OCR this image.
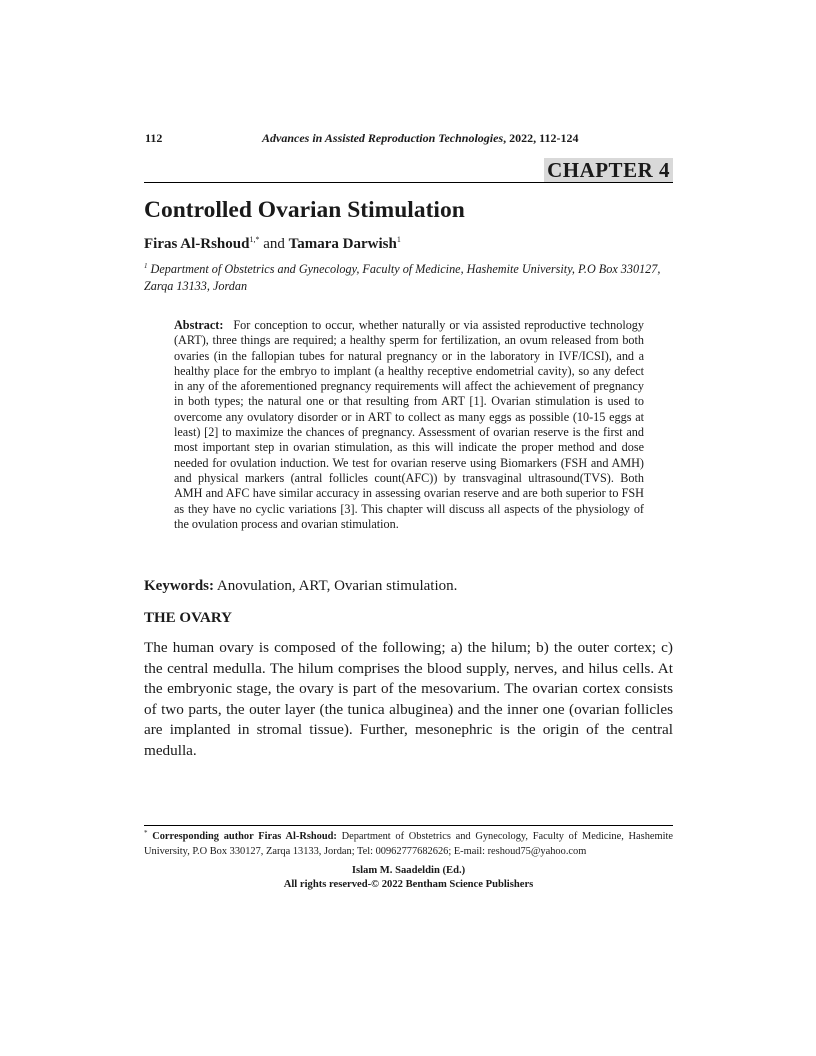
112	Advances in Assisted Reproduction Technologies, 2022, 112-124
CHAPTER 4
Controlled Ovarian Stimulation
Firas Al-Rshoud$^{1,*}$ and Tamara Darwish$^1$
$^1$ Department of Obstetrics and Gynecology, Faculty of Medicine, Hashemite University, P.O Box 330127, Zarqa 13133, Jordan

Abstract: For conception to occur, whether naturally or via assisted reproductive technology (ART), three things are required; a healthy sperm for fertilization, an ovum released from both ovaries (in the fallopian tubes for natural pregnancy or in the laboratory in IVF/ICSI), and a healthy place for the embryo to implant (a healthy receptive endometrial cavity), so any defect in any of the aforementioned pregnancy requirements will affect the achievement of pregnancy in both types; the natural one or that resulting from ART [1]. Ovarian stimulation is used to overcome any ovulatory disorder or in ART to collect as many eggs as possible (10-15 eggs at least) [2] to maximize the chances of pregnancy. Assessment of ovarian reserve is the first and most important step in ovarian stimulation, as this will indicate the proper method and dose needed for ovulation induction. We test for ovarian reserve using Biomarkers (FSH and AMH) and physical markers (antral follicles count(AFC)) by transvaginal ultrasound(TVS). Both AMH and AFC have similar accuracy in assessing ovarian reserve and are both superior to FSH as they have no cyclic variations [3]. This chapter will discuss all aspects of the physiology of the ovulation process and ovarian stimulation.

Keywords: Anovulation, ART, Ovarian stimulation.
THE OVARY

The human ovary is composed of the following; a) the hilum; b) the outer cortex; c) the central medulla. The hilum comprises the blood supply, nerves, and hilus cells. At the embryonic stage, the ovary is part of the mesovarium. The ovarian cortex consists of two parts, the outer layer (the tunica albuginea) and the inner one (ovarian follicles are implanted in stromal tissue). Further, mesonephric is the origin of the central medulla.

* Corresponding author Firas Al-Rshoud: Department of Obstetrics and Gynecology, Faculty of Medicine, Hashemite University, P.O Box 330127, Zarqa 13133, Jordan; Tel: 00962777682626; E-mail: reshoud75@yahoo.com

Islam M. Saadeldin (Ed.)
All rights reserved-© 2022 Bentham Science Publishers
